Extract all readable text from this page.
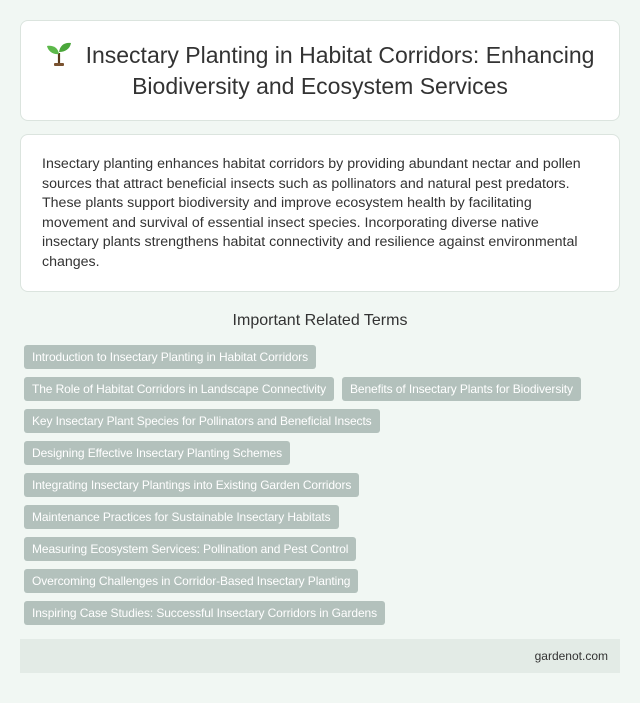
Insectary Planting in Habitat Corridors: Enhancing Biodiversity and Ecosystem Services

Insectary planting enhances habitat corridors by providing abundant nectar and pollen sources that attract beneficial insects such as pollinators and natural pest predators. These plants support biodiversity and improve ecosystem health by facilitating movement and survival of essential insect species. Incorporating diverse native insectary plants strengthens habitat connectivity and resilience against environmental changes.

Important Related Terms
Introduction to Insectary Planting in Habitat Corridors
The Role of Habitat Corridors in Landscape Connectivity	Benefits of Insectary Plants for Biodiversity
Key Insectary Plant Species for Pollinators and Beneficial Insects
Designing Effective Insectary Planting Schemes
Integrating Insectary Plantings into Existing Garden Corridors
Maintenance Practices for Sustainable Insectary Habitats
Measuring Ecosystem Services: Pollination and Pest Control
Overcoming Challenges in Corridor-Based Insectary Planting
Inspiring Case Studies: Successful Insectary Corridors in Gardens
gardenot.com
